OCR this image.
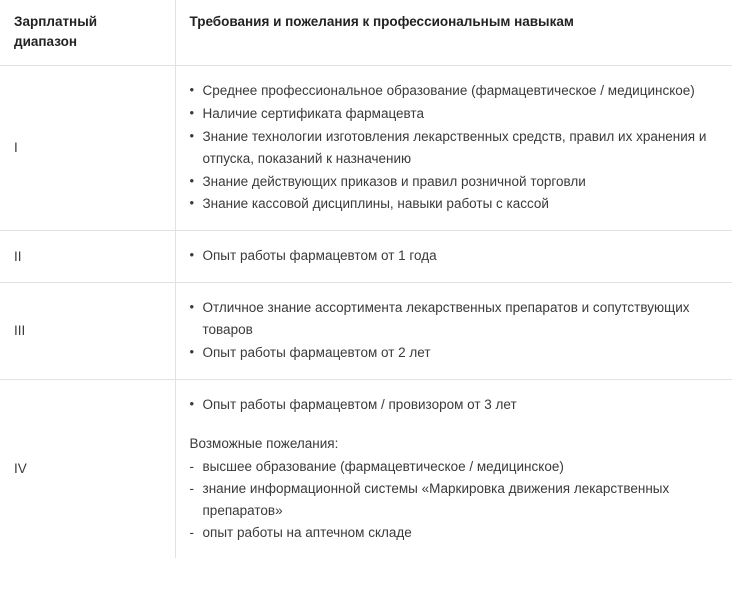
Зарплатный диапазон	Требования и пожелания к профессиональным навыкам
I	
• Среднее профессиональное образование (фармацевтическое / медицинское)
• Наличие сертификата фармацевта
• Знание технологии изготовления лекарственных средств, правил их хранения и отпуска, показаний к назначению
• Знание действующих приказов и правил розничной торговли
• Знание кассовой дисциплины, навыки работы с кассой

II	
•Опыт работы фармацевтом от 1 года

III	
• Отличное знание ассортимента лекарственных препаратов и сопутствующих товаров
• Опыт работы фармацевтом от 2 лет

IV	
• Опыт работы фармацевтом / провизором от 3 лет

Возможные пожелания:

- высшее образование (фармацевтическое / медицинское)
- знание информационной системы «Маркировка движения лекарственных препаратов»
- опыт работы на аптечном складе
